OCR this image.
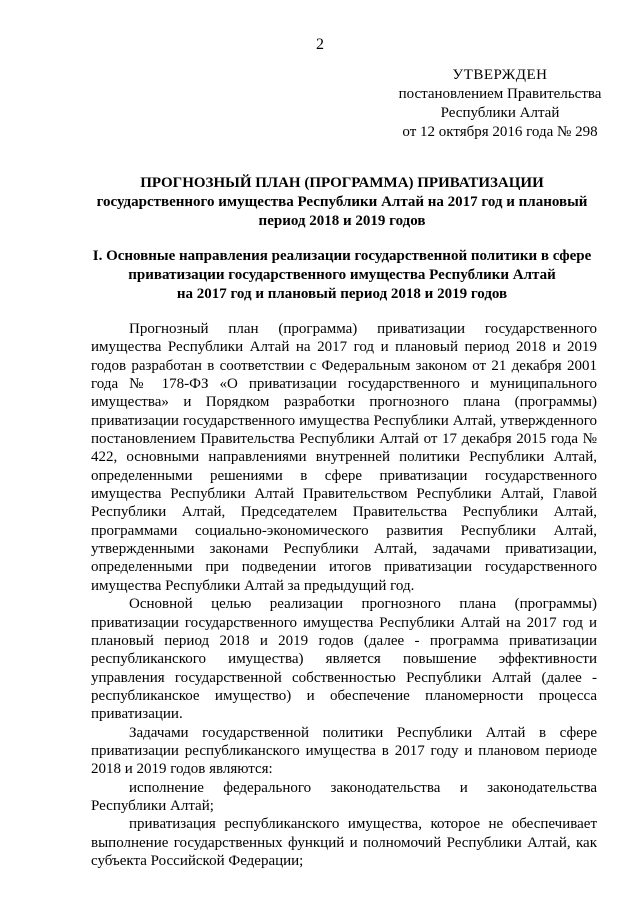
2
УТВЕРЖДЕН
постановлением Правительства
Республики Алтай
от 12 октября 2016 года № 298
ПРОГНОЗНЫЙ ПЛАН (ПРОГРАММА) ПРИВАТИЗАЦИИ
государственного имущества Республики Алтай на 2017 год и плановый
период 2018 и 2019 годов
I. Основные направления реализации государственной политики в сфере
приватизации государственного имущества Республики Алтай
на 2017 год и плановый период 2018 и 2019 годов

Прогнозный план (программа) приватизации государственного имущества Республики Алтай на 2017 год и плановый период 2018 и 2019 годов разработан в соответствии с Федеральным законом от 21 декабря 2001 года № 178-ФЗ «О приватизации государственного и муниципального имущества» и Порядком разработки прогнозного плана (программы) приватизации государственного имущества Республики Алтай, утвержденного постановлением Правительства Республики Алтай от 17 декабря 2015 года № 422, основными направлениями внутренней политики Республики Алтай, определенными решениями в сфере приватизации государственного имущества Республики Алтай Правительством Республики Алтай, Главой Республики Алтай, Председателем Правительства Республики Алтай, программами социально-экономического развития Республики Алтай, утвержденными законами Республики Алтай, задачами приватизации, определенными при подведении итогов приватизации государственного имущества Республики Алтай за предыдущий год.

Основной целью реализации прогнозного плана (программы) приватизации государственного имущества Республики Алтай на 2017 год и плановый период 2018 и 2019 годов (далее - программа приватизации республиканского имущества) является повышение эффективности управления государственной собственностью Республики Алтай (далее - республиканское имущество) и обеспечение планомерности процесса приватизации.

Задачами государственной политики Республики Алтай в сфере приватизации республиканского имущества в 2017 году и плановом периоде 2018 и 2019 годов являются:

исполнение федерального законодательства и законодательства Республики Алтай;

приватизация республиканского имущества, которое не обеспечивает выполнение государственных функций и полномочий Республики Алтай, как субъекта Российской Федерации;
